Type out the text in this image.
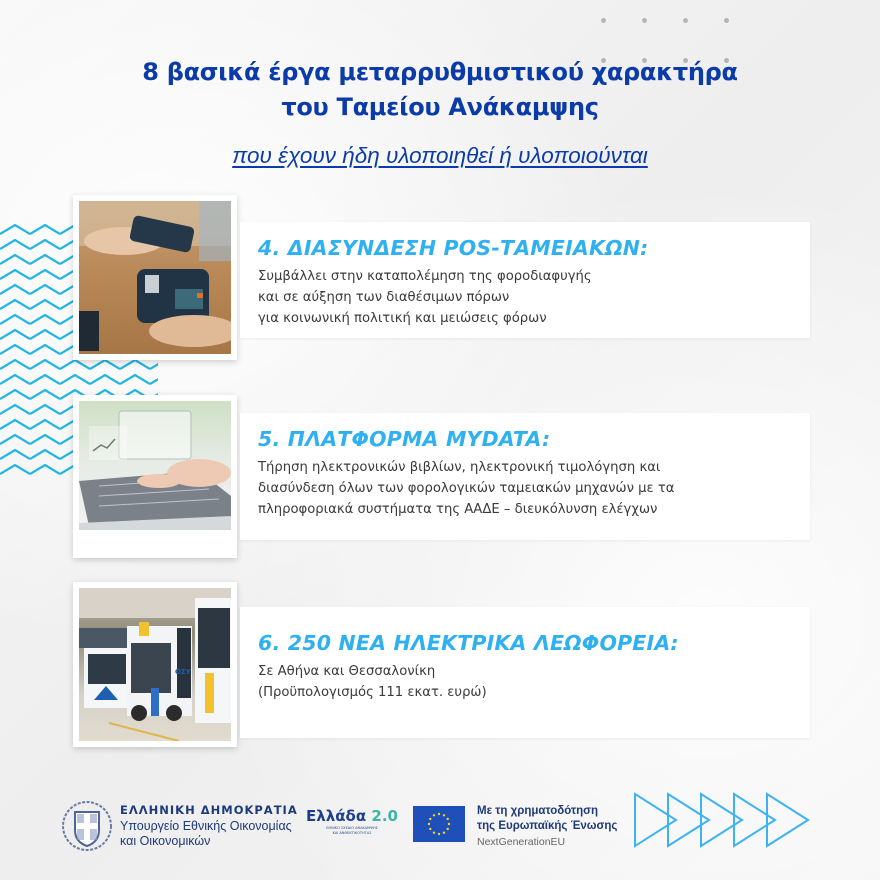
8 βασικά έργα μεταρρυθμιστικού χαρακτήρα
του Ταμείου Ανάκαμψης
που έχουν ήδη υλοποιηθεί ή υλοποιούνται
4. ΔΙΑΣΥΝΔΕΣΗ POS-ΤΑΜΕΙΑΚΩΝ:
Συμβάλλει στην καταπολέμηση της φοροδιαφυγής
και σε αύξηση των διαθέσιμων πόρων
για κοινωνική πολιτική και μειώσεις φόρων
5. ΠΛΑΤΦΟΡΜΑ MYDATA:
Τήρηση ηλεκτρονικών βιβλίων, ηλεκτρονική τιμολόγηση και
διασύνδεση όλων των φορολογικών ταμειακών μηχανών με τα
πληροφοριακά συστήματα της ΑΑΔΕ – διευκόλυνση ελέγχων
ΟΣΥ
6. 250 ΝΕΑ ΗΛΕΚΤΡΙΚΑ ΛΕΩΦΟΡΕΙΑ:
Σε Αθήνα και Θεσσαλονίκη
(Προϋπολογισμός 111 εκατ. ευρώ)
ΕΛΛΗΝΙΚΗ ΔΗΜΟΚΡΑΤΙΑ
Υπουργείο Εθνικής Οικονομίας
και Οικονομικών
Ελλάδα 2.0
ΕΘΝΙΚΟ ΣΧΕΔΙΟ ΑΝΑΚΑΜΨΗΣ
ΚΑΙ ΑΝΘΕΚΤΙΚΟΤΗΤΑΣ
Με τη χρηματοδότηση
της Ευρωπαϊκής Ένωσης
NextGenerationEU
